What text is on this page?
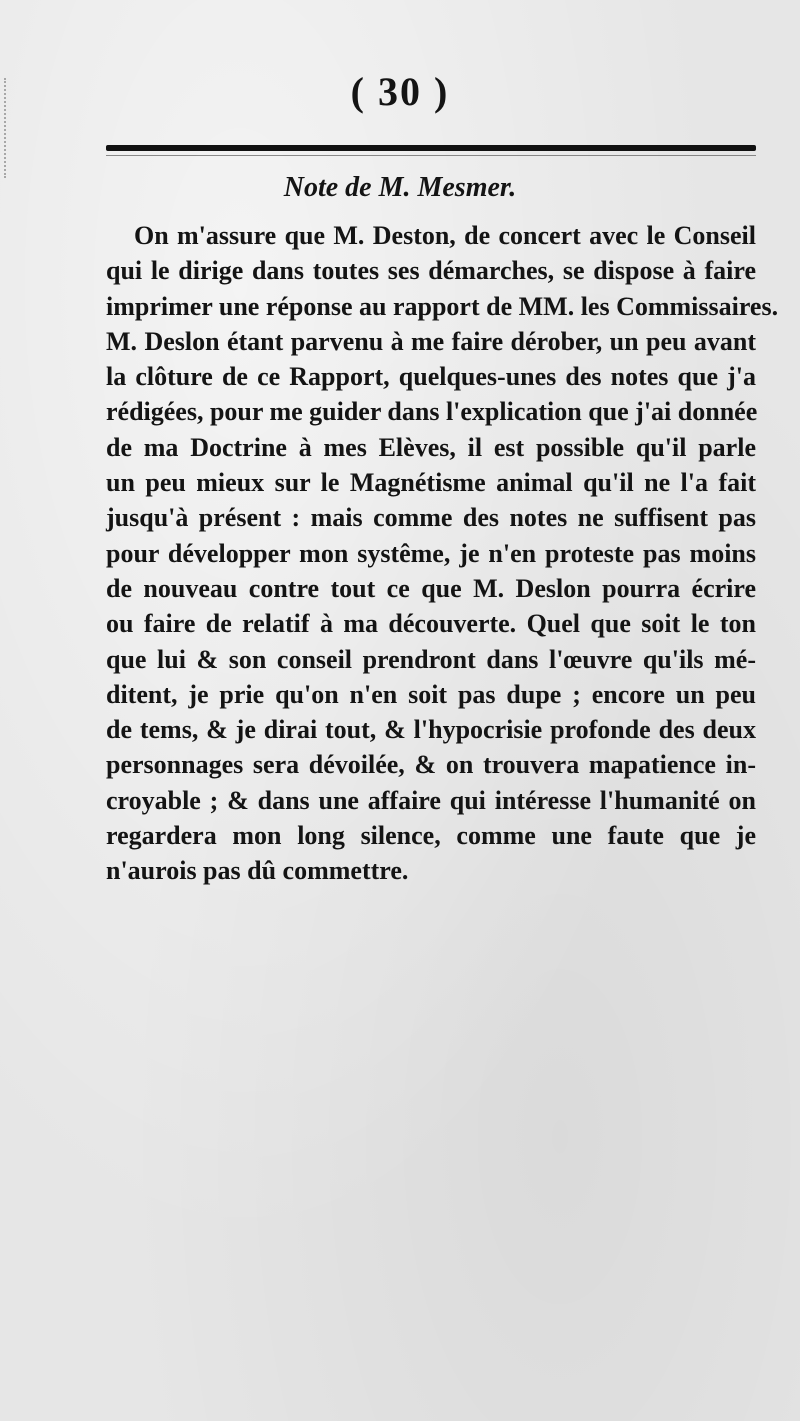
( 30 )
Note de M. Mesmer.
On m'assure que M. Deston, de concert avec le Conseil
qui le dirige dans toutes ses démarches, se dispose à faire
imprimer une réponse au rapport de MM. les Commissaires.
M. Deslon étant parvenu à me faire dérober, un peu avant
la clôture de ce Rapport, quelques-unes des notes que j'a
rédigées, pour me guider dans l'explication que j'ai donnée
de ma Doctrine à mes Elèves, il est possible qu'il parle
un peu mieux sur le Magnétisme animal qu'il ne l'a fait
jusqu'à présent : mais comme des notes ne suffisent pas
pour développer mon systême, je n'en proteste pas moins
de nouveau contre tout ce que M. Deslon pourra écrire
ou faire de relatif à ma découverte. Quel que soit le ton
que lui & son conseil prendront dans l'œuvre qu'ils mé-
ditent, je prie qu'on n'en soit pas dupe ; encore un peu
de tems, & je dirai tout, & l'hypocrisie profonde des deux
personnages sera dévoilée, & on trouvera mapatience in-
croyable ; & dans une affaire qui intéresse l'humanité on
regardera mon long silence, comme une faute que je
n'aurois pas dû commettre.
